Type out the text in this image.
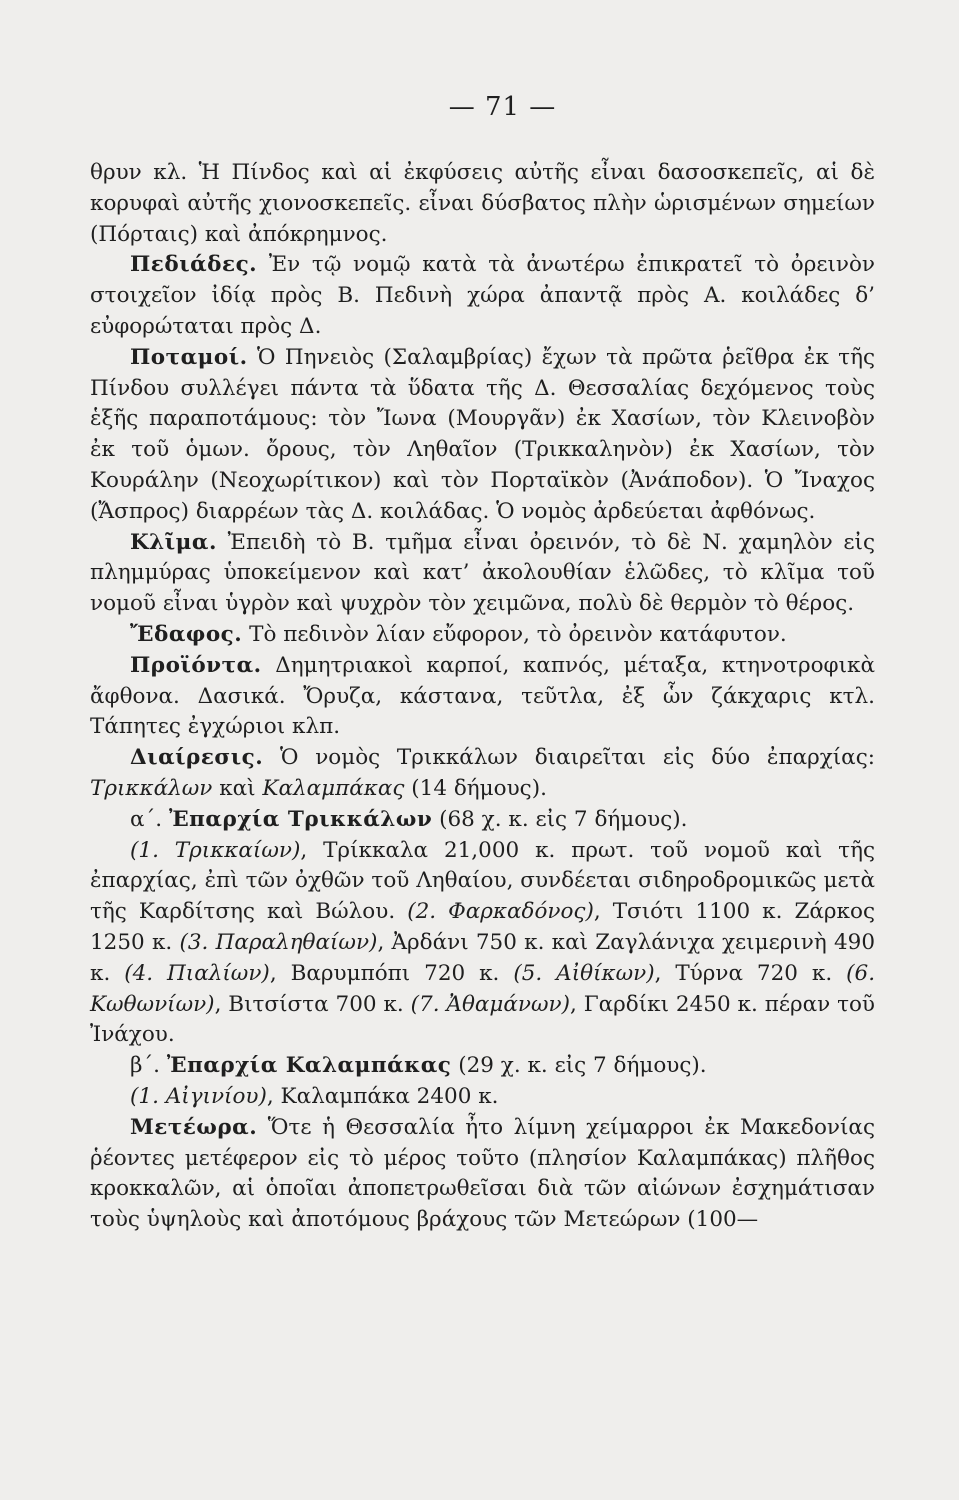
— 71 —

θρυν κλ. Ἡ Πίνδος καὶ αἱ ἐκφύσεις αὐτῆς εἶναι δασοσκεπεῖς, αἱ δὲ κορυφαὶ αὐτῆς χιονοσκεπεῖς. εἶναι δύσβατος πλὴν ὡρισμένων σημείων (Πόρταις) καὶ ἀπόκρημνος.

Πεδιάδες. Ἐν τῷ νομῷ κατὰ τὰ ἀνωτέρω ἐπικρατεῖ τὸ ὀρεινὸν στοιχεῖον ἰδίᾳ πρὸς Β. Πεδινὴ χώρα ἀπαντᾷ πρὸς Α. κοιλάδες δ’ εὐφορώταται πρὸς Δ.

Ποταμοί. Ὁ Πηνειὸς (Σαλαμβρίας) ἔχων τὰ πρῶτα ῥεῖθρα ἐκ τῆς Πίνδου συλλέγει πάντα τὰ ὕδατα τῆς Δ. Θεσσαλίας δεχόμενος τοὺς ἑξῆς παραποτάμους: τὸν Ἴωνα (Μουργᾶν) ἐκ Χασίων, τὸν Κλεινοβὸν ἐκ τοῦ ὁμων. ὄρους, τὸν Ληθαῖον (Τρικκαληνὸν) ἐκ Χασίων, τὸν Κουράλην (Νεοχωρίτικον) καὶ τὸν Πορταϊκὸν (Ἀνάποδον). Ὁ Ἴναχος (Ἄσπρος) διαρρέων τὰς Δ. κοιλάδας. Ὁ νομὸς ἀρδεύεται ἀφθόνως.

Κλῖμα. Ἐπειδὴ τὸ Β. τμῆμα εἶναι ὀρεινόν, τὸ δὲ Ν. χαμηλὸν εἰς πλημμύρας ὑποκείμενον καὶ κατ’ ἀκολουθίαν ἑλῶδες, τὸ κλῖμα τοῦ νομοῦ εἶναι ὑγρὸν καὶ ψυχρὸν τὸν χειμῶνα, πολὺ δὲ θερμὸν τὸ θέρος.

Ἔδαφος. Τὸ πεδινὸν λίαν εὔφορον, τὸ ὀρεινὸν κατάφυτον.

Προϊόντα. Δημητριακοὶ καρποί, καπνός, μέταξα, κτηνοτροφικὰ ἄφθονα. Δασικά. Ὄρυζα, κάστανα, τεῦτλα, ἐξ ὧν ζάκχαρις κτλ. Τάπητες ἐγχώριοι κλπ.

Διαίρεσις. Ὁ νομὸς Τρικκάλων διαιρεῖται εἰς δύο ἐπαρχίας: Τρικκάλων καὶ Καλαμπάκας (14 δήμους).

α΄. Ἐπαρχία Τρικκάλων (68 χ. κ. εἰς 7 δήμους).

(1. Τρικκαίων), Τρίκκαλα 21,000 κ. πρωτ. τοῦ νομοῦ καὶ τῆς ἐπαρχίας, ἐπὶ τῶν ὀχθῶν τοῦ Ληθαίου, συνδέεται σιδηροδρομικῶς μετὰ τῆς Καρδίτσης καὶ Βώλου. (2. Φαρκαδόνος), Τσιότι 1100 κ. Ζάρκος 1250 κ. (3. Παραληθαίων), Ἀρδάνι 750 κ. καὶ Ζαγλάνιχα χειμερινὴ 490 κ. (4. Πιαλίων), Βαρυμπόπι 720 κ. (5. Αἰθίκων), Τύρνα 720 κ. (6. Κωθωνίων), Βιτσίστα 700 κ. (7. Ἀθαμάνων), Γαρδίκι 2450 κ. πέραν τοῦ Ἰνάχου.

β΄. Ἐπαρχία Καλαμπάκας (29 χ. κ. εἰς 7 δήμους).

(1. Αἰγινίου), Καλαμπάκα 2400 κ.

Μετέωρα. Ὅτε ἡ Θεσσαλία ἦτο λίμνη χείμαρροι ἐκ Μακεδονίας ῥέοντες μετέφερον εἰς τὸ μέρος τοῦτο (πλησίον Καλαμπάκας) πλῆθος κροκκαλῶν, αἱ ὁποῖαι ἀποπετρωθεῖσαι διὰ τῶν αἰώνων ἐσχημάτισαν τοὺς ὑψηλοὺς καὶ ἀποτόμους βράχους τῶν Μετεώρων (100—
